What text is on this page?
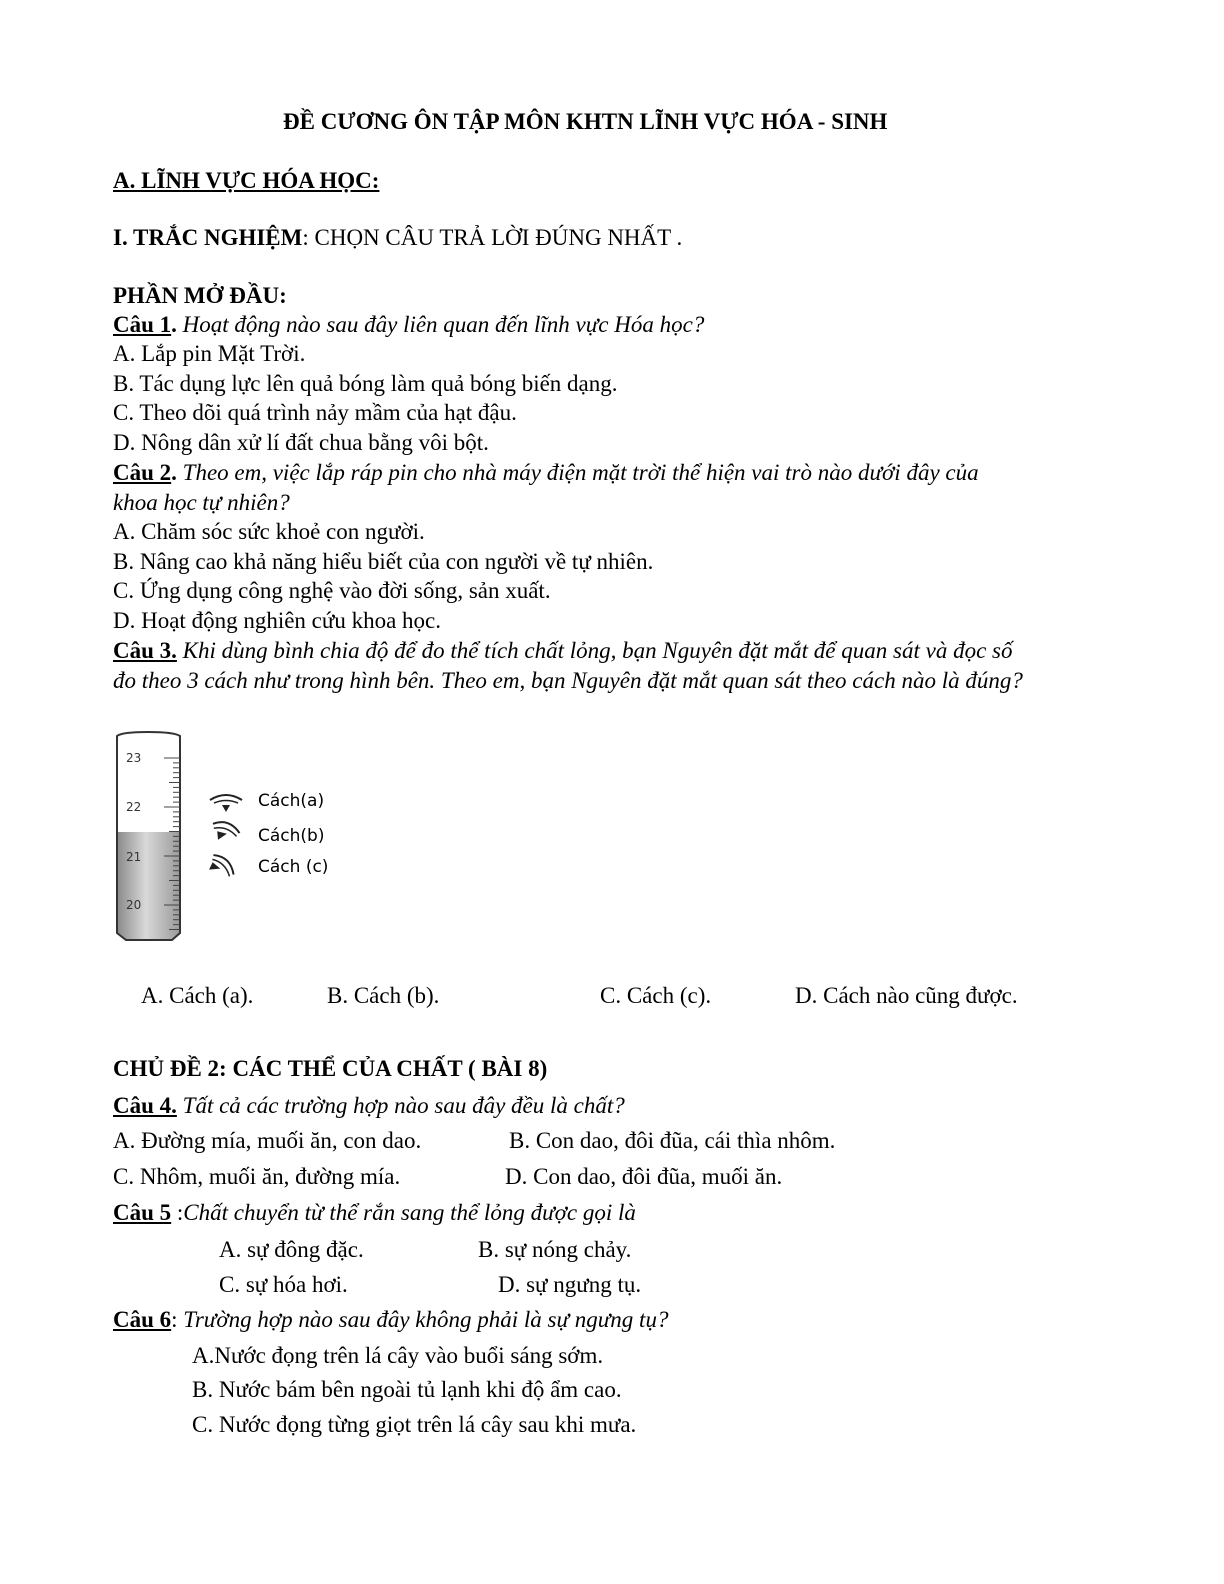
ĐỀ CƯƠNG ÔN TẬP MÔN KHTN LĨNH VỰC HÓA - SINH
A. LĨNH VỰC HÓA HỌC:
I. TRẮC NGHIỆM: CHỌN CÂU TRẢ LỜI ĐÚNG NHẤT .
PHẦN MỞ ĐẦU:
Câu 1. Hoạt động nào sau đây liên quan đến lĩnh vực Hóa học?
A. Lắp pin Mặt Trời.
B. Tác dụng lực lên quả bóng làm quả bóng biến dạng.
C. Theo dõi quá trình nảy mầm của hạt đậu.
D. Nông dân xử lí đất chua bằng vôi bột.
Câu 2. Theo em, việc lắp ráp pin cho nhà máy điện mặt trời thể hiện vai trò nào dưới đây của
khoa học tự nhiên?
A. Chăm sóc sức khoẻ con người.
B. Nâng cao khả năng hiểu biết của con người về tự nhiên.
C. Ứng dụng công nghệ vào đời sống, sản xuất.
D. Hoạt động nghiên cứu khoa học.
Câu 3. Khi dùng bình chia độ để đo thể tích chất lỏng, bạn Nguyên đặt mắt để quan sát và đọc số
đo theo 3 cách như trong hình bên. Theo em, bạn Nguyên đặt mắt quan sát theo cách nào là đúng?
23
22
21
20
Cách(a)
Cách(b)
Cách (c)
A. Cách (a).	B. Cách (b).	C. Cách (c).	D. Cách nào cũng được.
CHỦ ĐỀ 2: CÁC THỂ CỦA CHẤT ( BÀI 8)
Câu 4. Tất cả các trường hợp nào sau đây đều là chất?
A. Đường mía, muối ăn, con dao.	B. Con dao, đôi đũa, cái thìa nhôm.
C. Nhôm, muối ăn, đường mía.	D. Con dao, đôi đũa, muối ăn.
Câu 5 :Chất chuyển từ thể rắn sang thể lỏng được gọi là
A. sự đông đặc.	B. sự nóng chảy.
C. sự hóa hơi.	D. sự ngưng tụ.
Câu 6: Trường hợp nào sau đây không phải là sự ngưng tụ?
A.Nước đọng trên lá cây vào buổi sáng sớm.
B. Nước bám bên ngoài tủ lạnh khi độ ẩm cao.
C. Nước đọng từng giọt trên lá cây sau khi mưa.
